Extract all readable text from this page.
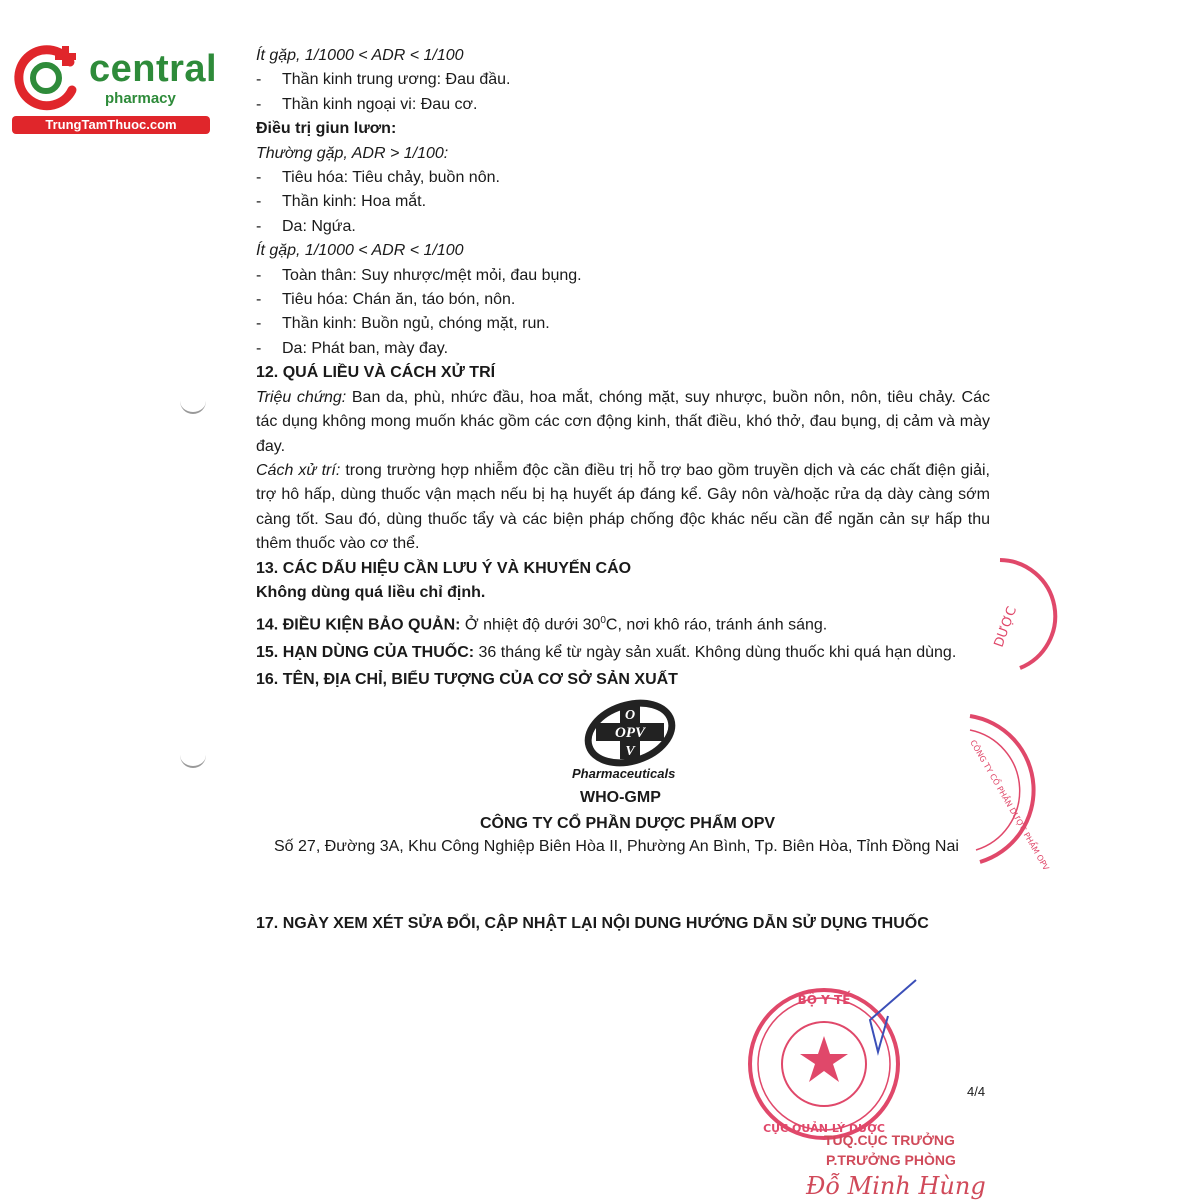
central
pharmacy
TrungTamThuoc.com
Ít gặp, 1/1000 < ADR < 1/100
- Thần kinh trung ương: Đau đầu.
- Thần kinh ngoại vi: Đau cơ.
Điều trị giun lươn:
Thường gặp, ADR > 1/100:
- Tiêu hóa: Tiêu chảy, buồn nôn.
- Thần kinh: Hoa mắt.
- Da: Ngứa.
Ít gặp, 1/1000 < ADR < 1/100
- Toàn thân: Suy nhược/mệt mỏi, đau bụng.
- Tiêu hóa: Chán ăn, táo bón, nôn.
- Thần kinh: Buồn ngủ, chóng mặt, run.
- Da: Phát ban, mày đay.
12. QUÁ LIỀU VÀ CÁCH XỬ TRÍ
Triệu chứng: Ban da, phù, nhức đầu, hoa mắt, chóng mặt, suy nhược, buồn nôn, nôn, tiêu chảy. Các tác dụng không mong muốn khác gồm các cơn động kinh, thất điều, khó thở, đau bụng, dị cảm và mày đay.
Cách xử trí: trong trường hợp nhiễm độc cần điều trị hỗ trợ bao gồm truyền dịch và các chất điện giải, trợ hô hấp, dùng thuốc vận mạch nếu bị hạ huyết áp đáng kể. Gây nôn và/hoặc rửa dạ dày càng sớm càng tốt. Sau đó, dùng thuốc tẩy và các biện pháp chống độc khác nếu cần để ngăn cản sự hấp thu thêm thuốc vào cơ thể.
13. CÁC DẤU HIỆU CẦN LƯU Ý VÀ KHUYẾN CÁO
Không dùng quá liều chỉ định.
14. ĐIỀU KIỆN BẢO QUẢN: Ở nhiệt độ dưới $30^0C$, nơi khô ráo, tránh ánh sáng.
15. HẠN DÙNG CỦA THUỐC: 36 tháng kể từ ngày sản xuất. Không dùng thuốc khi quá hạn dùng.
16. TÊN, ĐỊA CHỈ, BIỂU TƯỢNG CỦA CƠ SỞ SẢN XUẤT
O
OPV
V
Pharmaceuticals
WHO-GMP
CÔNG TY CỔ PHẦN DƯỢC PHẨM OPV
Số 27, Đường 3A, Khu Công Nghiệp Biên Hòa II, Phường An Bình, Tp. Biên Hòa, Tỉnh Đồng Nai
17. NGÀY XEM XÉT SỬA ĐỔI, CẬP NHẬT LẠI NỘI DUNG HƯỚNG DẪN SỬ DỤNG THUỐC
DƯỢC
CÔNG TY CỔ PHẦN DƯỢC PHẨM OPV
BỘ Y TẾ
CỤC QUẢN LÝ DƯỢC
4/4
TUQ.CỤC TRƯỞNG
P.TRƯỞNG PHÒNG
Đỗ Minh Hùng
